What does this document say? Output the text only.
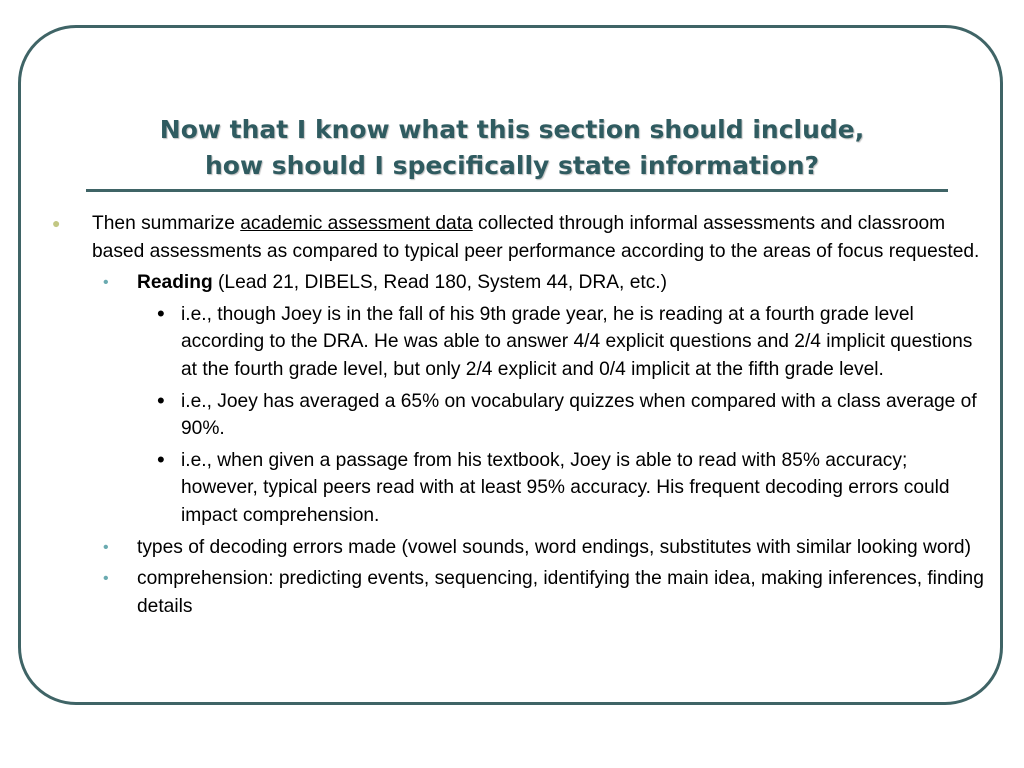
Now that I know what this section should include,
how should I specifically state information?
● Then summarize academic assessment data collected through informal assessments and classroom based assessments as compared to typical peer performance according to the areas of focus requested.
• Reading (Lead 21, DIBELS, Read 180, System 44, DRA, etc.)
• i.e., though Joey is in the fall of his 9th grade year, he is reading at a fourth grade level according to the DRA. He was able to answer 4/4 explicit questions and 2/4 implicit questions at the fourth grade level, but only 2/4 explicit and 0/4 implicit at the fifth grade level.
• i.e., Joey has averaged a 65% on vocabulary quizzes when compared with a class average of 90%.
• i.e., when given a passage from his textbook, Joey is able to read with 85% accuracy; however, typical peers read with at least 95% accuracy. His frequent decoding errors could impact comprehension.
• types of decoding errors made (vowel sounds, word endings, substitutes with similar looking word)
• comprehension: predicting events, sequencing, identifying the main idea, making inferences, finding details
